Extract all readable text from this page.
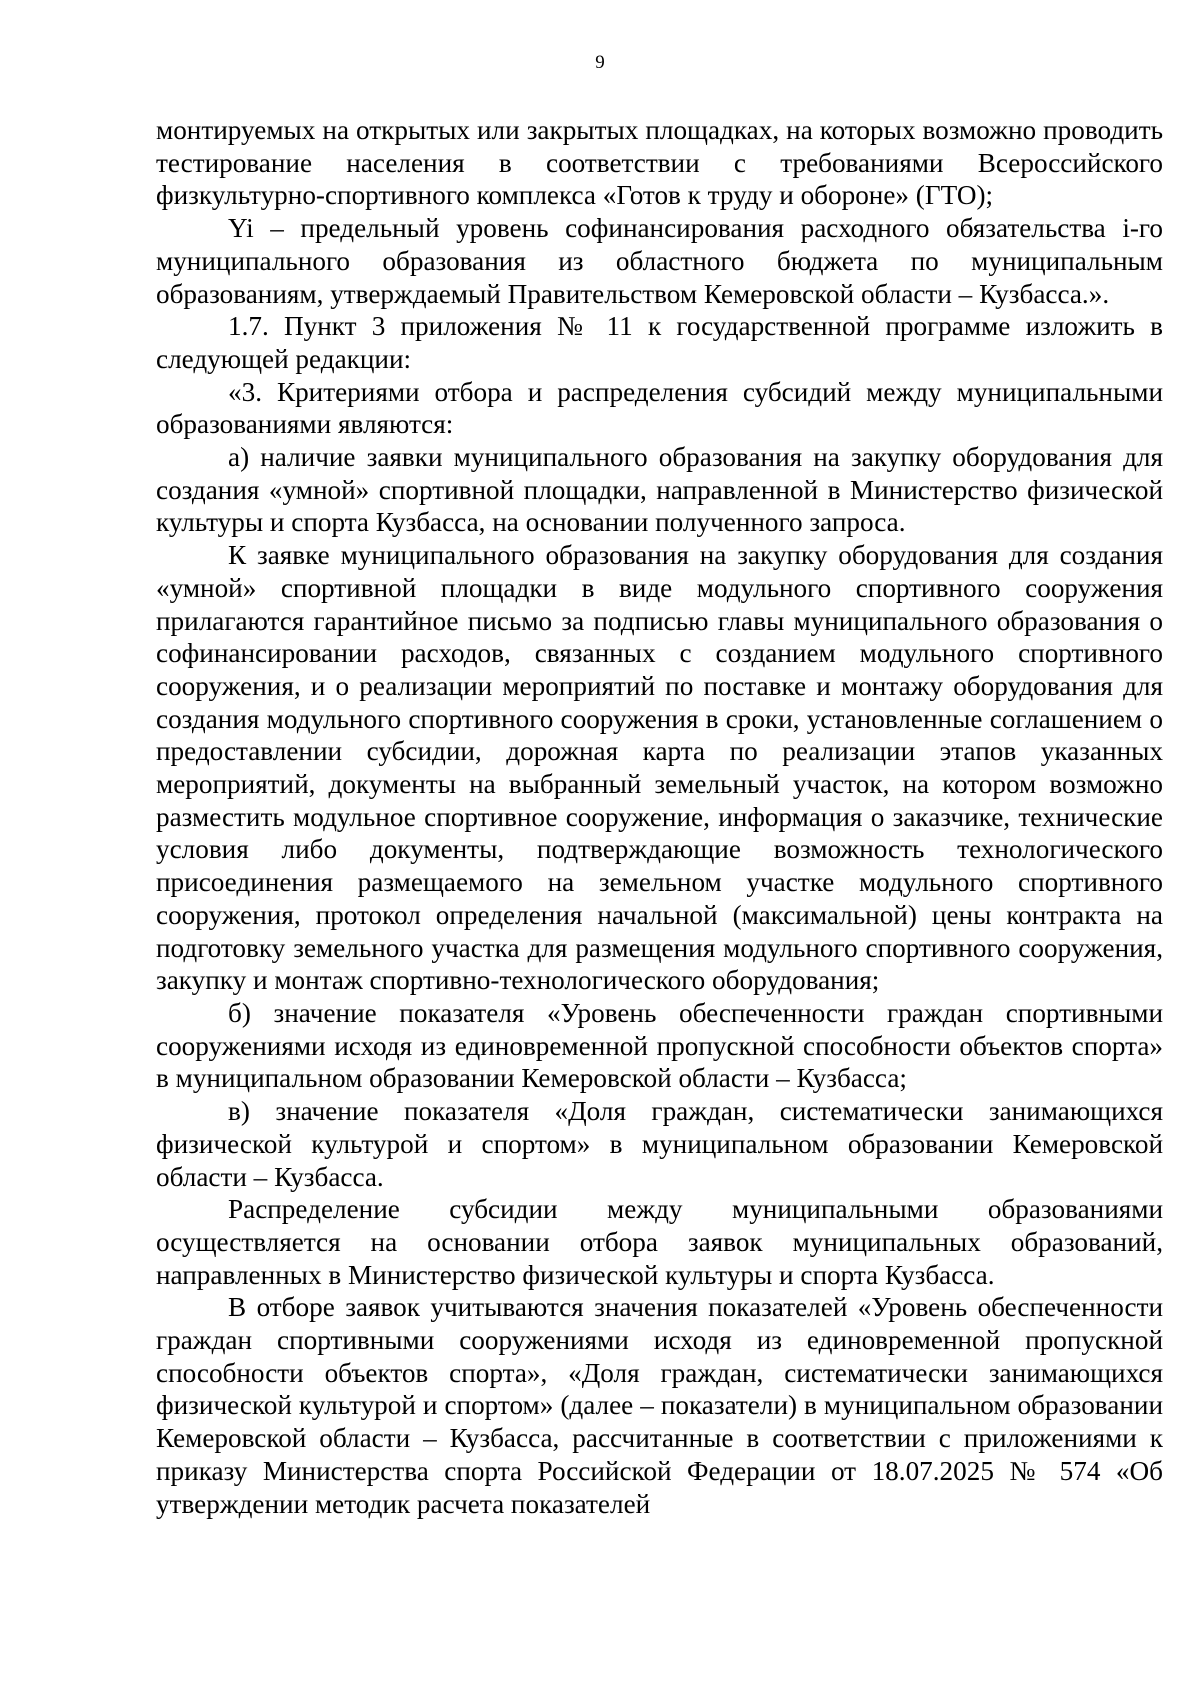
9

монтируемых на открытых или закрытых площадках, на которых возможно проводить тестирование населения в соответствии с требованиями Всероссийского физкультурно-спортивного комплекса «Готов к труду и обороне» (ГТО);

Yi – предельный уровень софинансирования расходного обязательства i-го муниципального образования из областного бюджета по муниципальным образованиям, утверждаемый Правительством Кемеровской области – Кузбасса.».

1.7. Пункт 3 приложения № 11 к государственной программе изложить в следующей редакции:

«3. Критериями отбора и распределения субсидий между муниципальными образованиями являются:

а) наличие заявки муниципального образования на закупку оборудования для создания «умной» спортивной площадки, направленной в Министерство физической культуры и спорта Кузбасса, на основании полученного запроса.

К заявке муниципального образования на закупку оборудования для создания «умной» спортивной площадки в виде модульного спортивного сооружения прилагаются гарантийное письмо за подписью главы муниципального образования о софинансировании расходов, связанных с созданием модульного спортивного сооружения, и о реализации мероприятий по поставке и монтажу оборудования для создания модульного спортивного сооружения в сроки, установленные соглашением о предоставлении субсидии, дорожная карта по реализации этапов указанных мероприятий, документы на выбранный земельный участок, на котором возможно разместить модульное спортивное сооружение, информация о заказчике, технические условия либо документы, подтверждающие возможность технологического присоединения размещаемого на земельном участке модульного спортивного сооружения, протокол определения начальной (максимальной) цены контракта на подготовку земельного участка для размещения модульного спортивного сооружения, закупку и монтаж спортивно-технологического оборудования;

б) значение показателя «Уровень обеспеченности граждан спортивными сооружениями исходя из единовременной пропускной способности объектов спорта» в муниципальном образовании Кемеровской области – Кузбасса;

в) значение показателя «Доля граждан, систематически занимающихся физической культурой и спортом» в муниципальном образовании Кемеровской области – Кузбасса.

Распределение субсидии между муниципальными образованиями осуществляется на основании отбора заявок муниципальных образований, направленных в Министерство физической культуры и спорта Кузбасса.

В отборе заявок учитываются значения показателей «Уровень обеспеченности граждан спортивными сооружениями исходя из единовременной пропускной способности объектов спорта», «Доля граждан, систематически занимающихся физической культурой и спортом» (далее – показатели) в муниципальном образовании Кемеровской области – Кузбасса, рассчитанные в соответствии с приложениями к приказу Министерства спорта Российской Федерации от 18.07.2025 № 574 «Об утверждении методик расчета показателей
